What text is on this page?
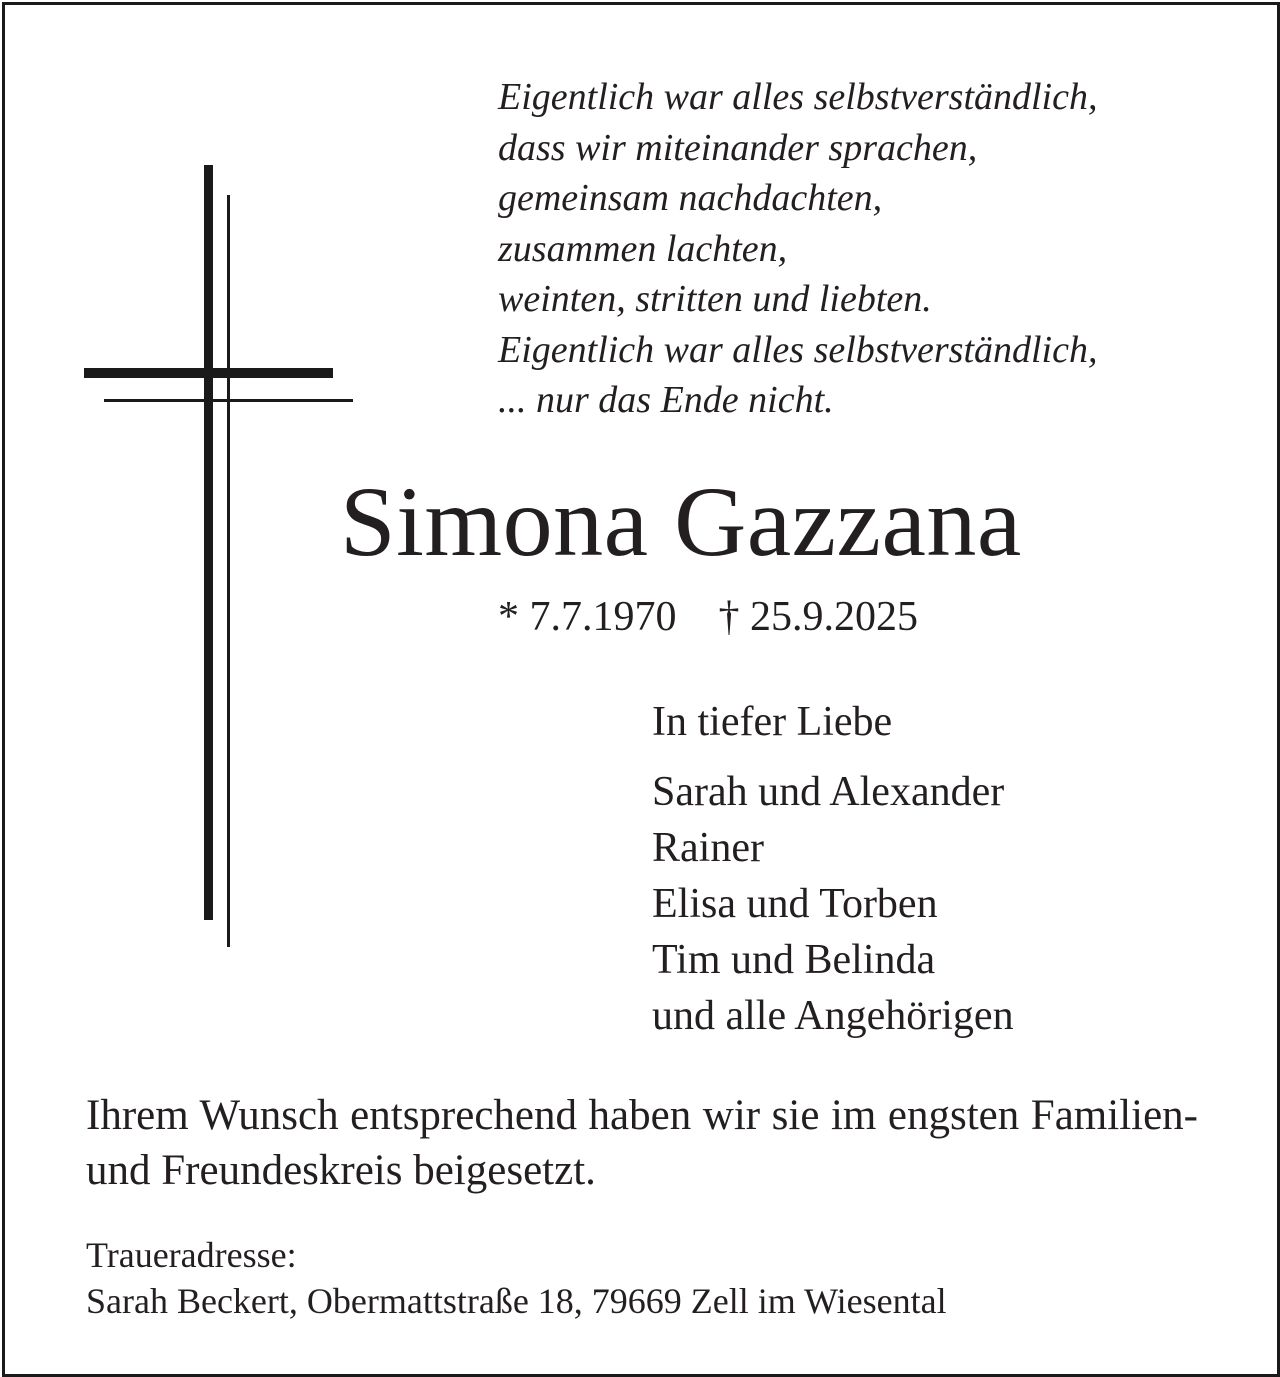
Eigentlich war alles selbstverständlich,
dass wir miteinander sprachen,
gemeinsam nachdachten,
zusammen lachten,
weinten, stritten und liebten.
Eigentlich war alles selbstverständlich,
... nur das Ende nicht.
Simona Gazzana
* 7.7.1970 † 25.9.2025
In tiefer Liebe
Sarah und Alexander
Rainer
Elisa und Torben
Tim und Belinda
und alle Angehörigen
Ihrem Wunsch entsprechend haben wir sie im engsten Familien- und Freundeskreis beigesetzt.
Traueradresse:
Sarah Beckert, Obermattstraße 18, 79669 Zell im Wiesental
